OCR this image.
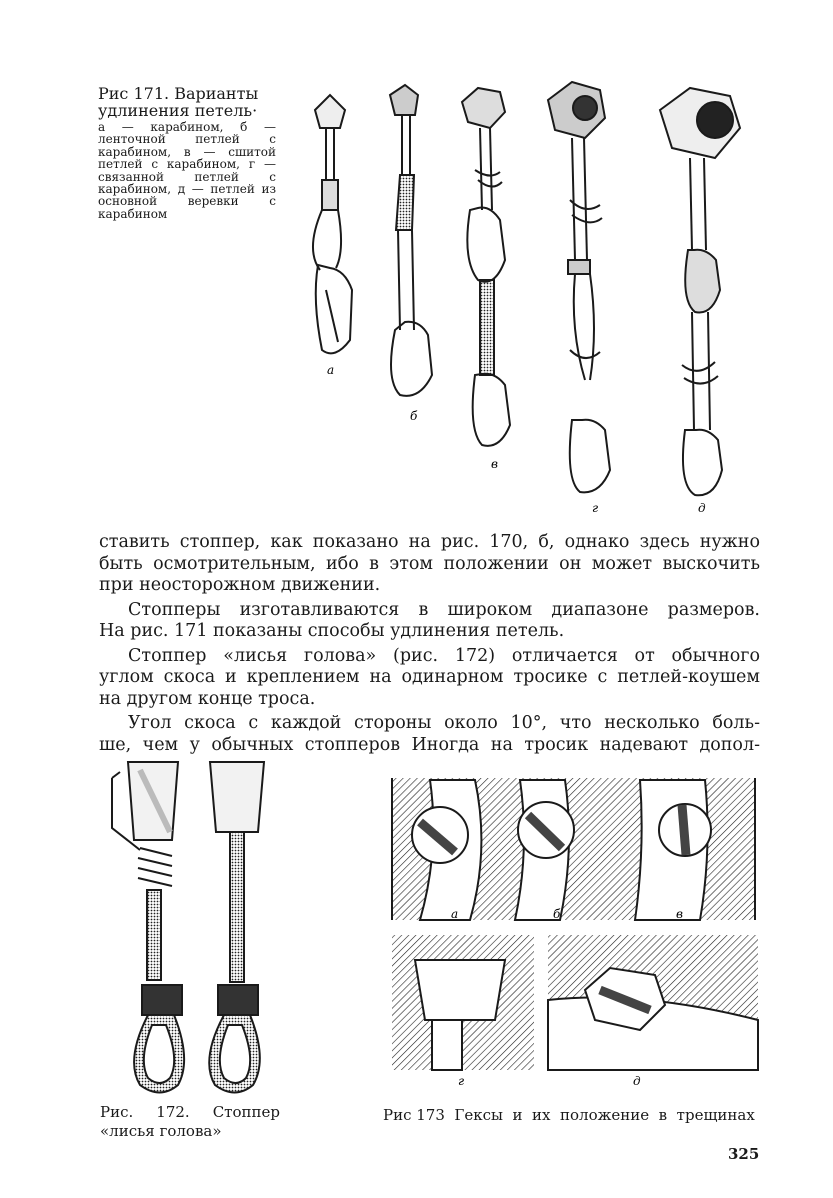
Рис 171. Варианты удлинения петель·
а — карабином, б — ленточной петлей с карабином, в — сшитой петлей с карабином, г — связанной петлей с карабином, д — петлей из основной веревки с карабином
а
б
в
г	д

ставить стоппер, как показано на рис. 170, б, однако здесь нужно
быть осмотрительным, ибо в этом положении он может выскочить
при неосторожном движении.

Стопперы изготавливаются в широком диапазоне размеров.
На рис. 171 показаны способы удлинения петель.

Стоппер «лисья голова» (рис. 172) отличается от обычного
углом скоса и креплением на одинарном тросике с петлей-коушем
на другом конце троса.

Угол скоса с каждой стороны около 10°, что несколько боль-
ше, чем у обычных стопперов Иногда на тросик надевают допол-

Рис. 172. Стоппер «лисья голова»
а	б	в
г	д
Рис 173  Гексы  и  их  положение  в  трещинах
325
